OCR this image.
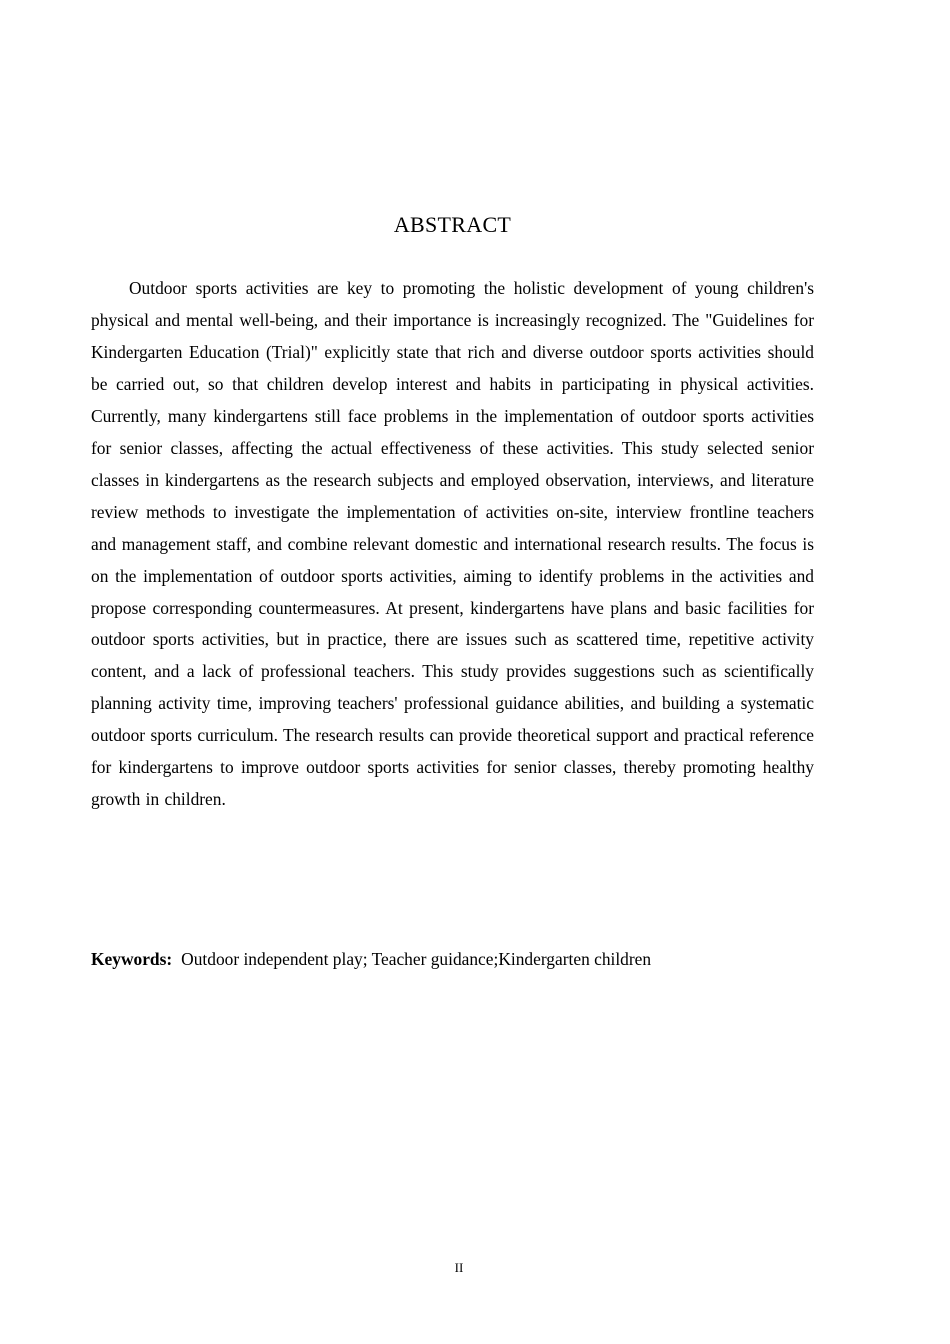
ABSTRACT

Outdoor sports activities are key to promoting the holistic development of young children's physical and mental well-being, and their importance is increasingly recognized. The "Guidelines for Kindergarten Education (Trial)" explicitly state that rich and diverse outdoor sports activities should be carried out, so that children develop interest and habits in participating in physical activities. Currently, many kindergartens still face problems in the implementation of outdoor sports activities for senior classes, affecting the actual effectiveness of these activities. This study selected senior classes in kindergartens as the research subjects and employed observation, interviews, and literature review methods to investigate the implementation of activities on-site, interview frontline teachers and management staff, and combine relevant domestic and international research results. The focus is on the implementation of outdoor sports activities, aiming to identify problems in the activities and propose corresponding countermeasures. At present, kindergartens have plans and basic facilities for outdoor sports activities, but in practice, there are issues such as scattered time, repetitive activity content, and a lack of professional teachers. This study provides suggestions such as scientifically planning activity time, improving teachers' professional guidance abilities, and building a systematic outdoor sports curriculum. The research results can provide theoretical support and practical reference for kindergartens to improve outdoor sports activities for senior classes, thereby promoting healthy growth in children.

Keywords: Outdoor independent play; Teacher guidance;Kindergarten children
II
